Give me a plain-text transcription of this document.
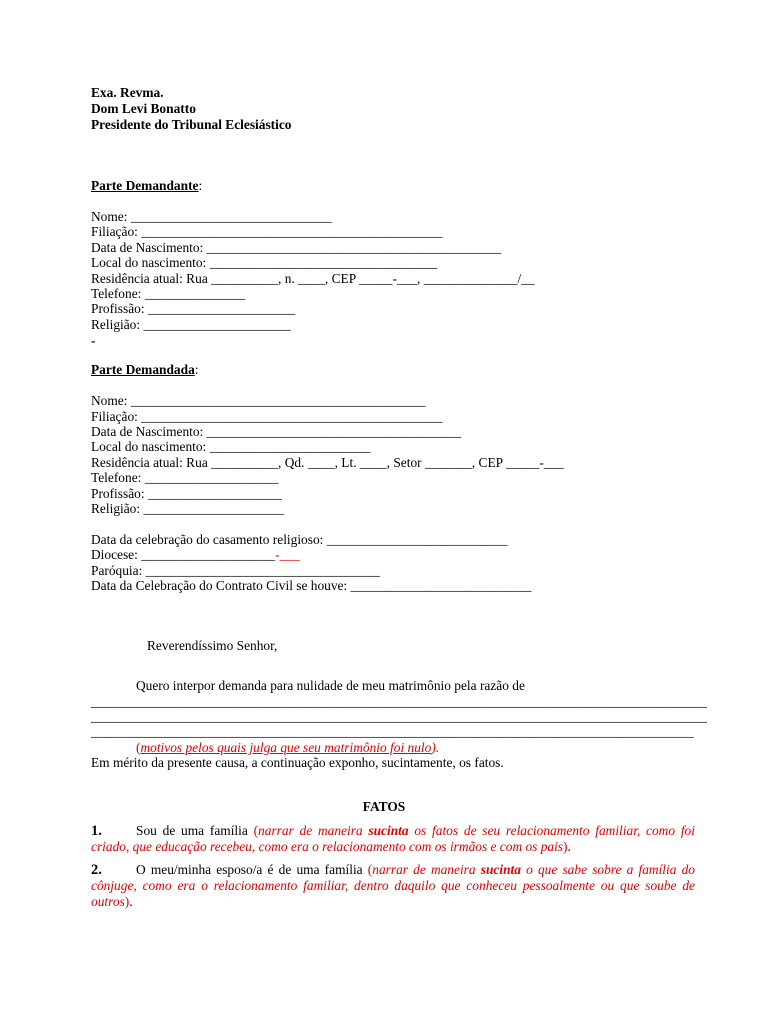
Exa. Revma.
Dom Levi Bonatto
Presidente do Tribunal Eclesiástico
Parte Demandante:
Nome: ______________________________
Filiação: _____________________________________________
Data de Nascimento: ____________________________________________
Local do nascimento: __________________________________
Residência atual: Rua __________, n. ____, CEP _____-___, ______________/__
Telefone: _______________
Profissão: ______________________
Religião: ______________________
-
Parte Demandada:
Nome: ____________________________________________
Filiação: _____________________________________________
Data de Nascimento: ______________________________________
Local do nascimento: ________________________
Residência atual: Rua __________, Qd. ____, Lt. ____, Setor _______, CEP _____-___
Telefone: ____________________
Profissão: ____________________
Religião: _____________________
Data da celebração do casamento religioso: ___________________________
Diocese: ____________________-___
Paróquia: ___________________________________
Data da Celebração do Contrato Civil se houve: ___________________________
Reverendíssimo Senhor,
Quero interpor demanda para nulidade de meu matrimônio pela razão de
____________________________________________________________________________________________
____________________________________________________________________________________________
__________________________________________________________________________________________
(motivos pelos quais julga que seu matrimônio foi nulo).
Em mérito da presente causa, a continuação exponho, sucintamente, os fatos.
FATOS
1.	Sou de uma família (narrar de maneira sucinta os fatos de seu relacionamento familiar, como foi criado, que educação recebeu, como era o relacionamento com os irmãos e com os pais).
2.	O meu/minha esposo/a é de uma família (narrar de maneira sucinta o que sabe sobre a família do cônjuge, como era o relacionamento familiar, dentro daquilo que conheceu pessoalmente ou que soube de outros).
